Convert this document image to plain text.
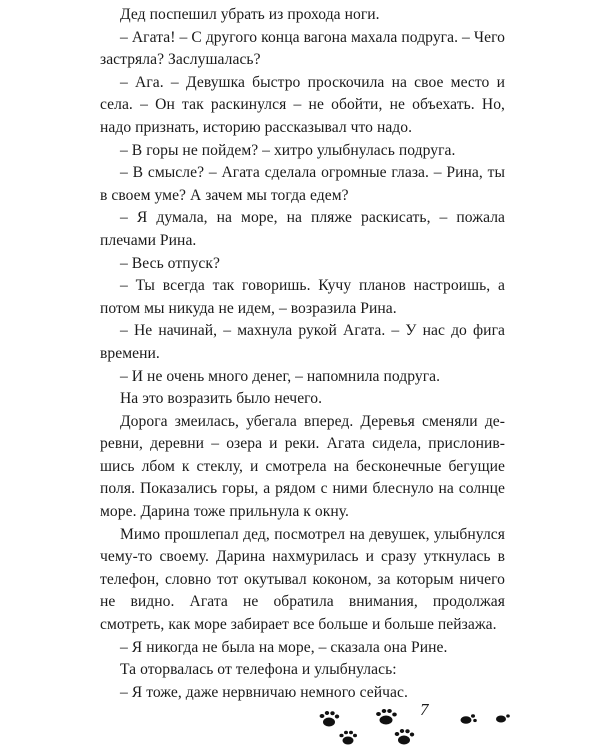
Дед поспешил убрать из прохода ноги.

– Агата! – С другого конца вагона махала подруга. – Чего застряла? Заслушалась?

– Ага. – Девушка быстро проскочила на свое место и села. – Он так раскинулся – не обойти, не объехать. Но, надо признать, историю рассказывал что надо.

– В горы не пойдем? – хитро улыбнулась подруга.

– В смысле? – Агата сделала огромные глаза. – Рина, ты в своем уме? А зачем мы тогда едем?

– Я думала, на море, на пляже раскисать, – пожала плечами Рина.

– Весь отпуск?

– Ты всегда так говоришь. Кучу планов настроишь, а потом мы никуда не идем, – возразила Рина.

– Не начинай, – махнула рукой Агата. – У нас до фига времени.

– И не очень много денег, – напомнила подруга.

На это возразить было нечего.

Дорога змеилась, убегала вперед. Деревья сменяли деревни, деревни – озера и реки. Агата сидела, прислонившись лбом к стеклу, и смотрела на бесконечные бегущие поля. Показались горы, а рядом с ними блеснуло на солнце море. Дарина тоже прильнула к окну.

Мимо прошлепал дед, посмотрел на девушек, улыбнулся чему-то своему. Дарина нахмурилась и сразу уткнулась в телефон, словно тот окутывал коконом, за которым ничего не видно. Агата не обратила внимания, продолжая смотреть, как море забирает все больше и больше пейзажа.

– Я никогда не была на море, – сказала она Рине.

Та оторвалась от телефона и улыбнулась:

– Я тоже, даже нервничаю немного сейчас.

7
